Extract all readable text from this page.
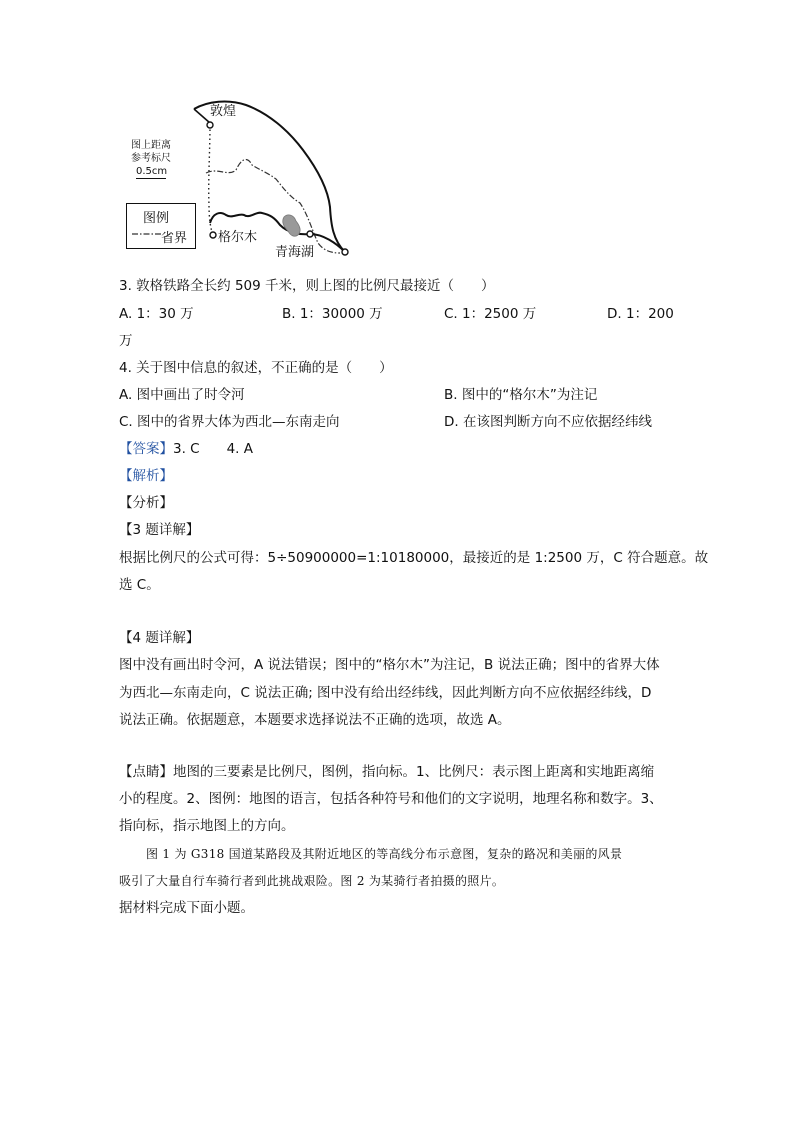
敦煌
图上距离
参考标尺
0.5cm
图例
省界 格尔木
青海湖
3. 敦格铁路全长约 509 千米，则上图的比例尺最接近（　　）
A. 1：30 万	B. 1：30000 万	C. 1：2500 万	D. 1：200
万
4. 关于图中信息的叙述，不正确的是（　　）
A. 图中画出了时令河	B. 图中的“格尔木”为注记
C. 图中的省界大体为西北—东南走向	D. 在该图判断方向不应依据经纬线
【答案】3. C　　4. A
【解析】
【分析】
【3 题详解】
根据比例尺的公式可得：5÷50900000=1:10180000，最接近的是 1:2500 万，C 符合题意。故
选 C。
【4 题详解】
图中没有画出时令河，A 说法错误；图中的“格尔木”为注记，B 说法正确；图中的省界大体
为西北—东南走向，C 说法正确; 图中没有给出经纬线，因此判断方向不应依据经纬线，D
说法正确。依据题意，本题要求选择说法不正确的选项，故选 A。
【点睛】地图的三要素是比例尺，图例，指向标。1、比例尺：表示图上距离和实地距离缩
小的程度。2、图例：地图的语言，包括各种符号和他们的文字说明，地理名称和数字。3、
指向标，指示地图上的方向。
图 1 为 G318 国道某路段及其附近地区的等高线分布示意图，复杂的路况和美丽的风景
吸引了大量自行车骑行者到此挑战艰险。图 2 为某骑行者拍摄的照片。
据材料完成下面小题。
